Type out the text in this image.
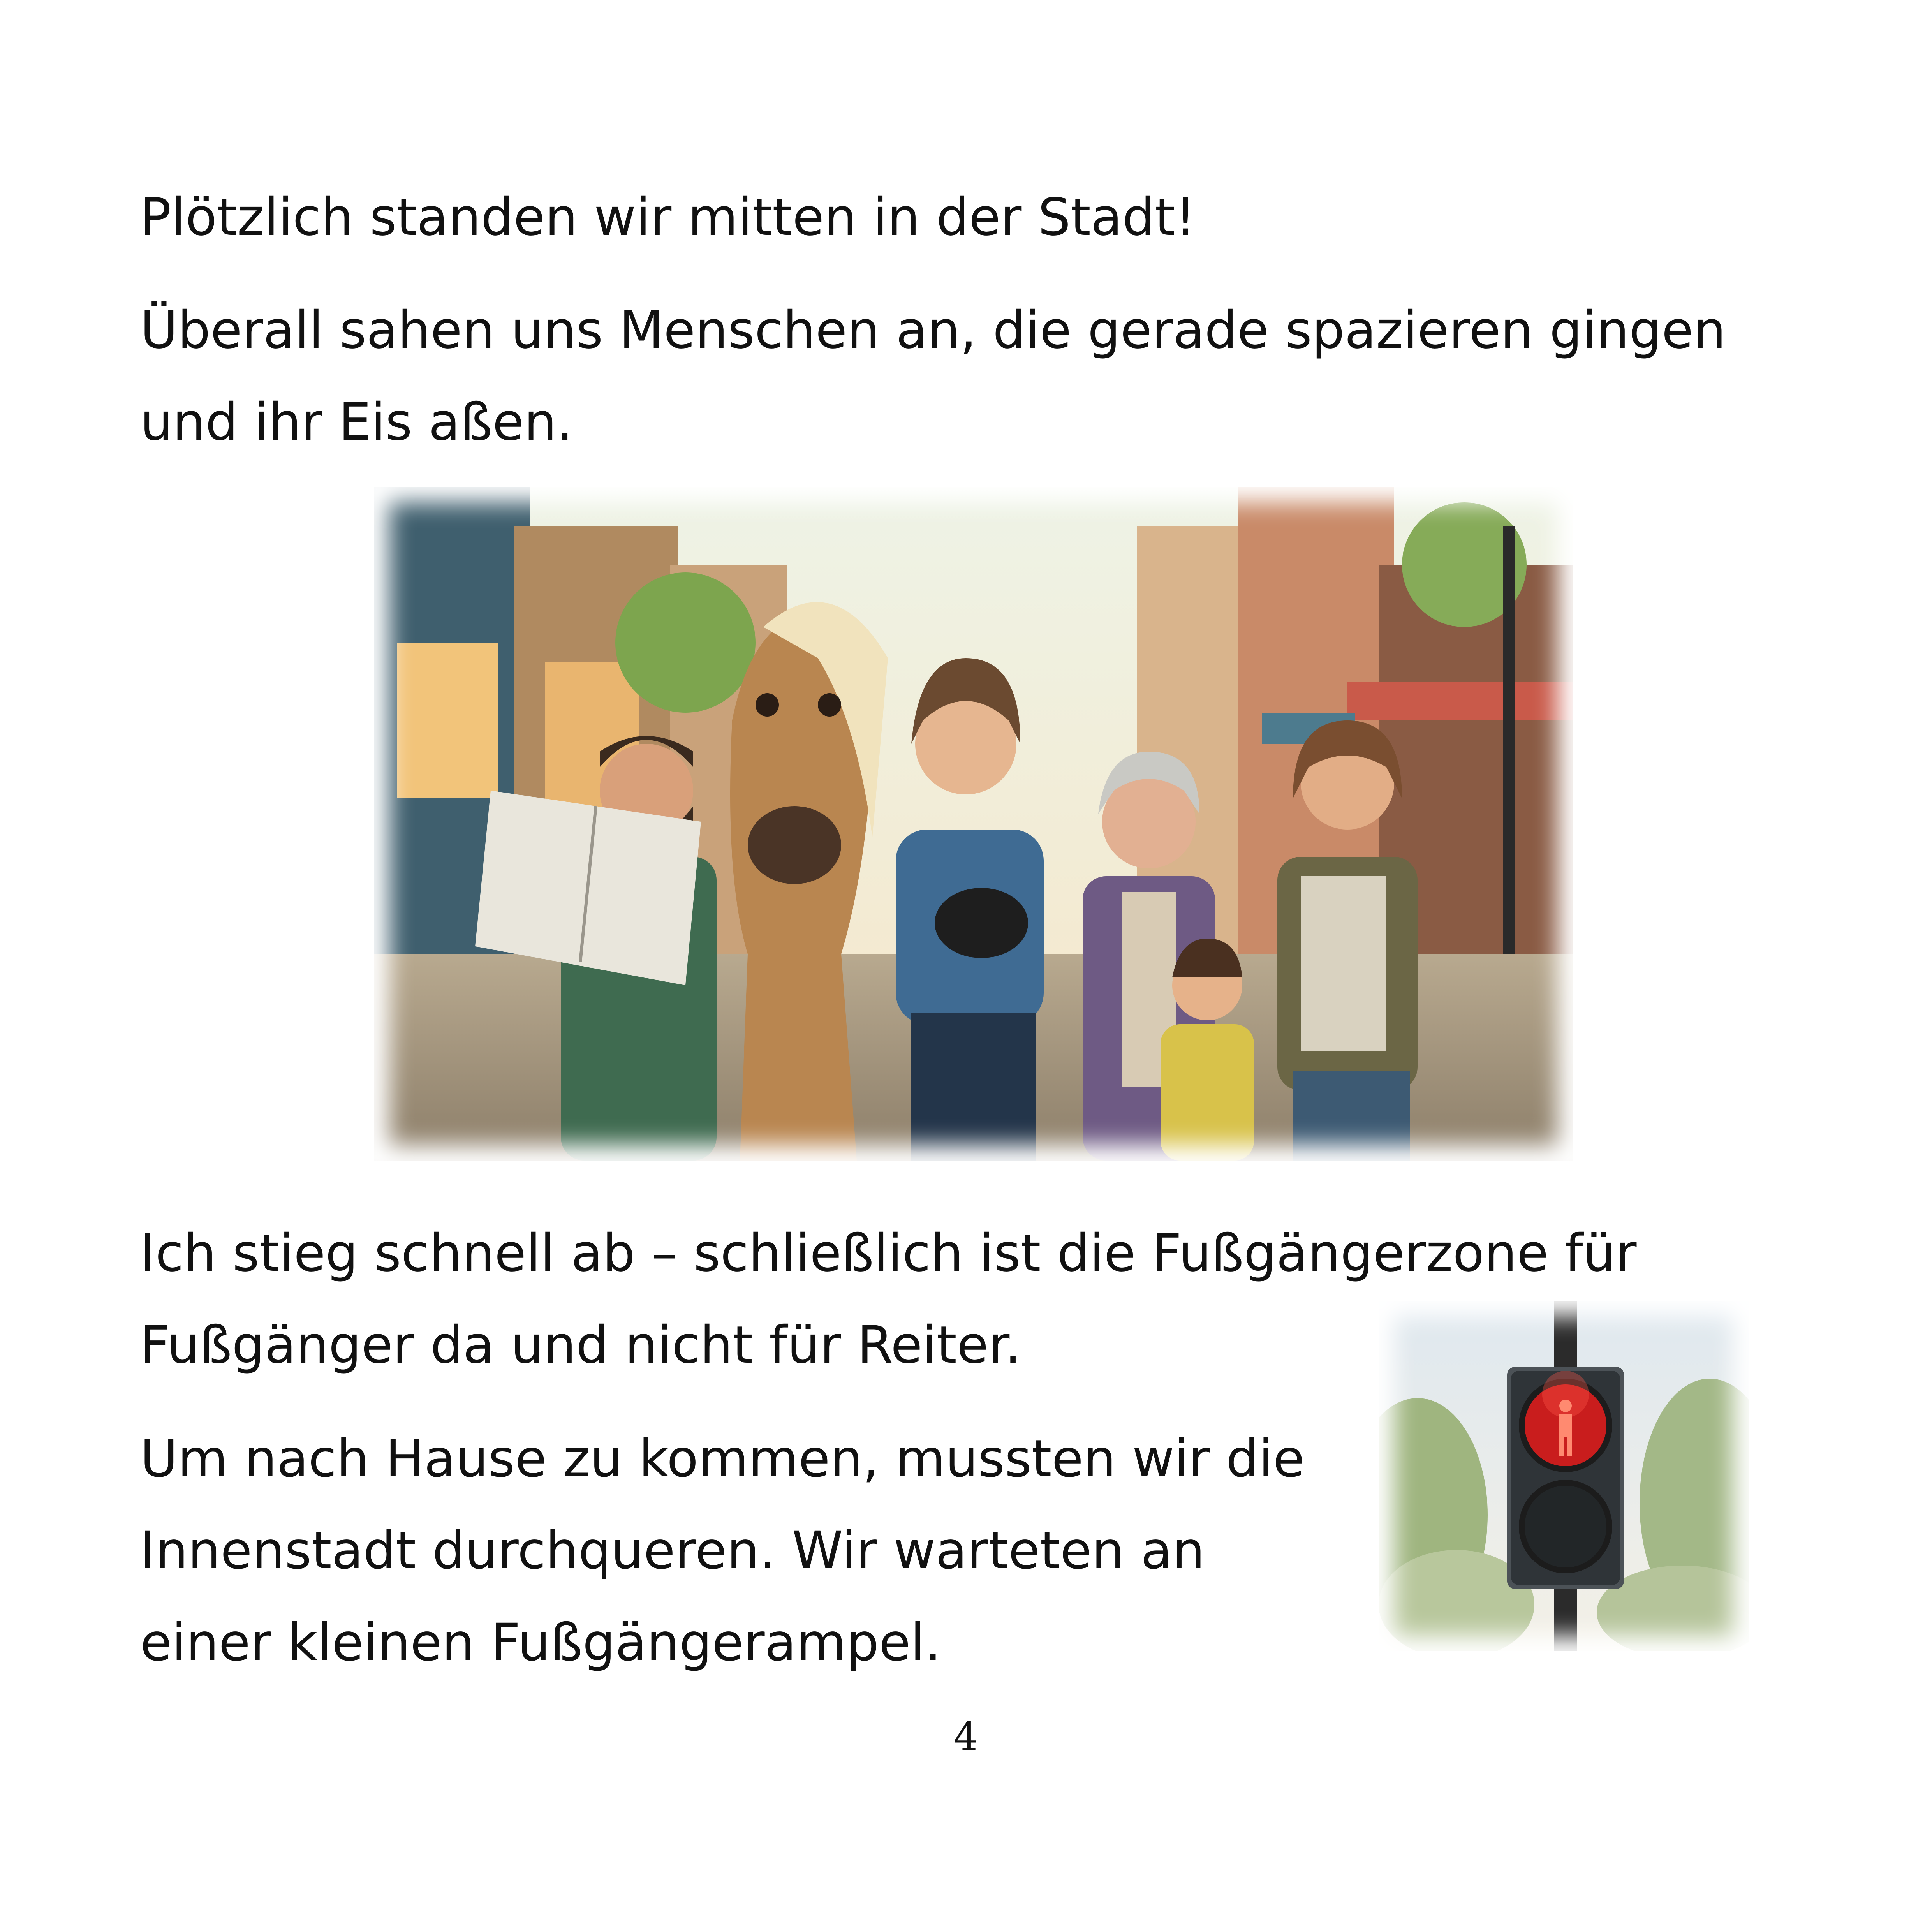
Plötzlich standen wir mitten in der Stadt!

Überall sahen uns Menschen an, die gerade spazieren gingen

und ihr Eis aßen.

Ich stieg schnell ab – schließlich ist die Fußgängerzone für

Fußgänger da und nicht für Reiter.

Um nach Hause zu kommen, mussten wir die

Innenstadt durchqueren. Wir warteten an

einer kleinen Fußgängerampel.

4
